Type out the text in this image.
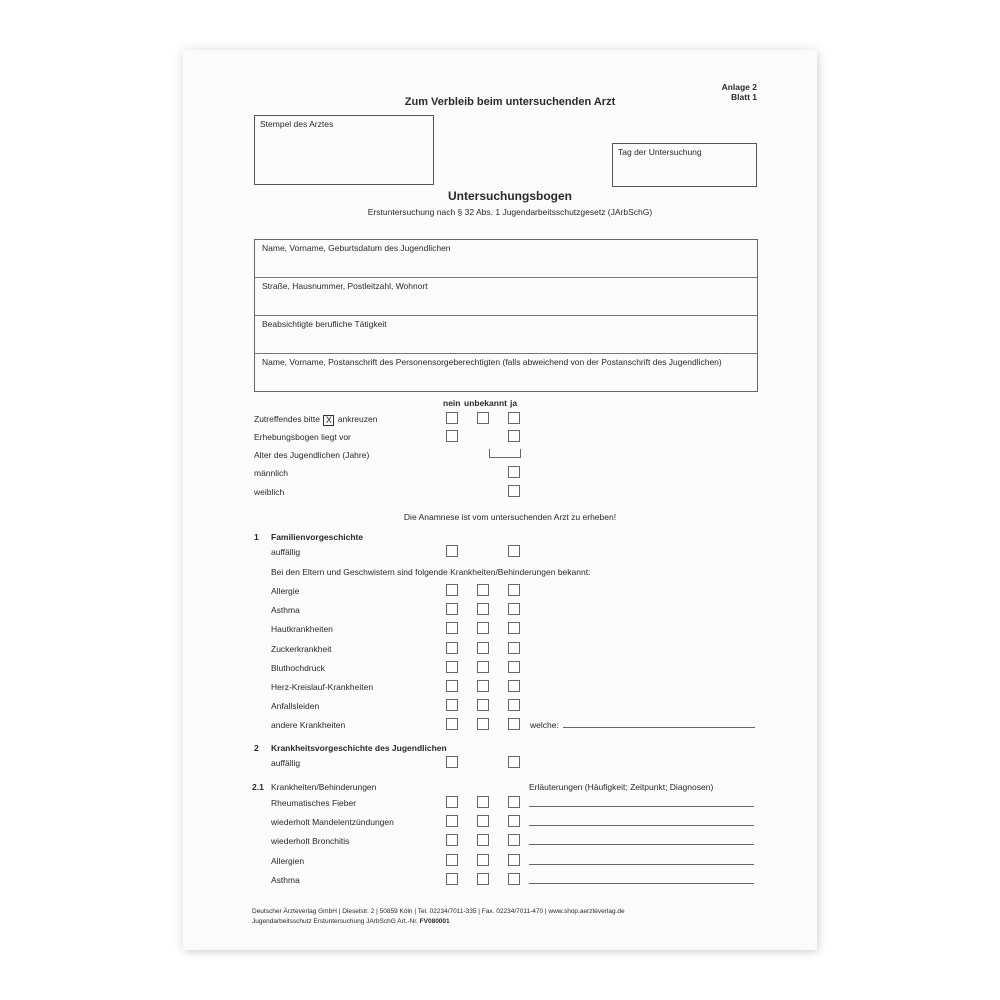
Anlage 2
Blatt 1
Zum Verbleib beim untersuchenden Arzt
Stempel des Arztes
Tag der Untersuchung
Untersuchungsbogen
Erstuntersuchung nach § 32 Abs. 1 Jugendarbeitsschutzgesetz (JArbSchG)
Name, Vorname, Geburtsdatum des Jugendlichen
Straße, Hausnummer, Postleitzahl, Wohnort
Beabsichtigte berufliche Tätigkeit
Name, Vorname, Postanschrift des Personensorgeberechtigten (falls abweichend von der Postanschrift des Jugendlichen)
nein unbekannt ja
Zutreffendes bitte X ankreuzen
Erhebungsbogen liegt vor
Alter des Jugendlichen (Jahre)
männlich
weiblich
Die Anamnese ist vom untersuchenden Arzt zu erheben!
1 Familienvorgeschichte
auffällig
Bei den Eltern und Geschwistern sind folgende Krankheiten/Behinderungen bekannt:
Allergie
Asthma
Hautkrankheiten
Zuckerkrankheit
Bluthochdruck
Herz-Kreislauf-Krankheiten
Anfallsleiden
andere Krankheiten	welche:
2 Krankheitsvorgeschichte des Jugendlichen
auffällig
2.1 Krankheiten/Behinderungen	Erläuterungen (Häufigkeit; Zeitpunkt; Diagnosen)
Rheumatisches Fieber
wiederholt Mandelentzündungen
wiederholt Bronchitis
Allergien
Asthma
Deutscher Ärzteverlag GmbH | Dieselstr. 2 | 50859 Köln | Tel. 02234/7011-335 | Fax. 02234/7011-470 | www.shop.aerzteverlag.de
Jugendarbeitsschutz Erstuntersuchung JArbSchG Art.-Nr. FV080001
